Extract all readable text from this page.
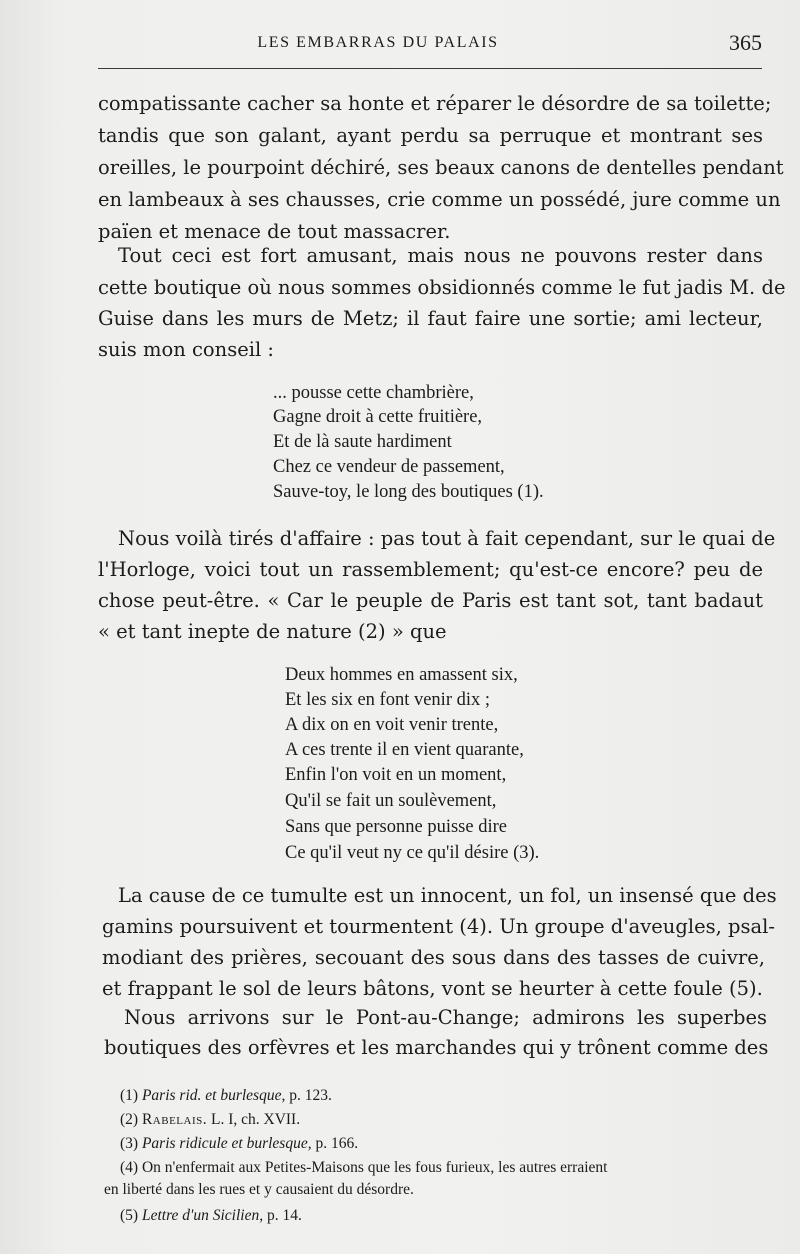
LES EMBARRAS DU PALAIS	365
compatissante cacher sa honte et réparer le désordre de sa toilette;
tandis que son galant, ayant perdu sa perruque et montrant ses
oreilles, le pourpoint déchiré, ses beaux canons de dentelles pendant
en lambeaux à ses chausses, crie comme un possédé, jure comme un
païen et menace de tout massacrer.
Tout ceci est fort amusant, mais nous ne pouvons rester dans
cette boutique où nous sommes obsidionnés comme le fut jadis M. de
Guise dans les murs de Metz; il faut faire une sortie; ami lecteur,
suis mon conseil :
... pousse cette chambrière,
Gagne droit à cette fruitière,
Et de là saute hardiment
Chez ce vendeur de passement,
Sauve-toy, le long des boutiques (1).
Nous voilà tirés d'affaire : pas tout à fait cependant, sur le quai de
l'Horloge, voici tout un rassemblement; qu'est-ce encore? peu de
chose peut-être. « Car le peuple de Paris est tant sot, tant badaut
« et tant inepte de nature (2) » que
Deux hommes en amassent six,
Et les six en font venir dix ;
A dix on en voit venir trente,
A ces trente il en vient quarante,
Enfin l'on voit en un moment,
Qu'il se fait un soulèvement,
Sans que personne puisse dire
Ce qu'il veut ny ce qu'il désire (3).
La cause de ce tumulte est un innocent, un fol, un insensé que des
gamins poursuivent et tourmentent (4). Un groupe d'aveugles, psal-
modiant des prières, secouant des sous dans des tasses de cuivre,
et frappant le sol de leurs bâtons, vont se heurter à cette foule (5).
Nous arrivons sur le Pont-au-Change; admirons les superbes
boutiques des orfèvres et les marchandes qui y trônent comme des
(1) Paris rid. et burlesque, p. 123.
(2) Rabelais. L. I, ch. XVII.
(3) Paris ridicule et burlesque, p. 166.
(4) On n'enfermait aux Petites-Maisons que les fous furieux, les autres erraient
en liberté dans les rues et y causaient du désordre.
(5) Lettre d'un Sicilien, p. 14.
